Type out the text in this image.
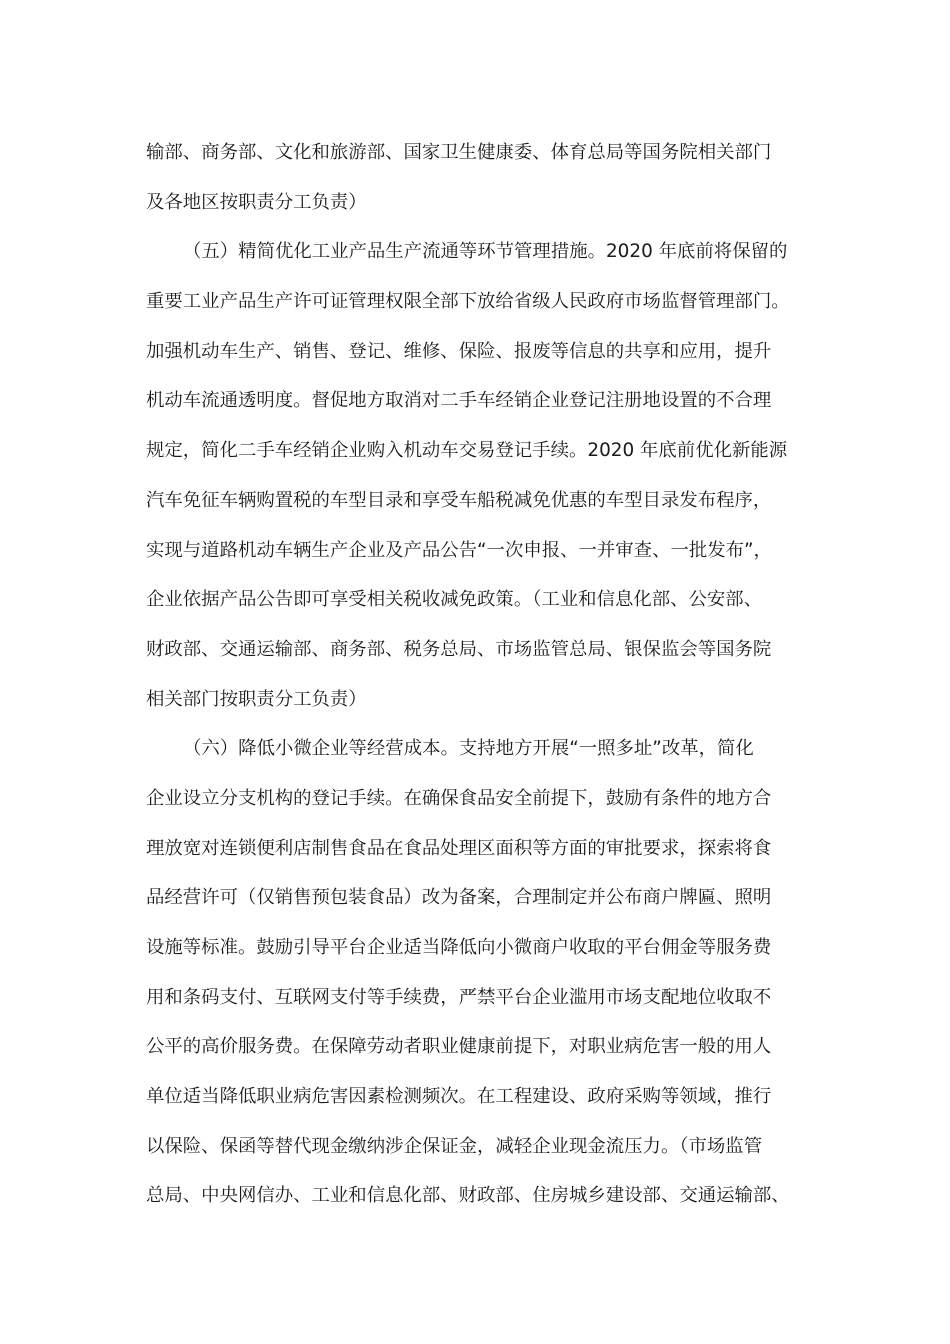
输部、商务部、文化和旅游部、国家卫生健康委、体育总局等国务院相关部门
及各地区按职责分工负责）
（五）精简优化工业产品生产流通等环节管理措施。2020 年底前将保留的
重要工业产品生产许可证管理权限全部下放给省级人民政府市场监督管理部门。
加强机动车生产、销售、登记、维修、保险、报废等信息的共享和应用，提升
机动车流通透明度。督促地方取消对二手车经销企业登记注册地设置的不合理
规定，简化二手车经销企业购入机动车交易登记手续。2020 年底前优化新能源
汽车免征车辆购置税的车型目录和享受车船税减免优惠的车型目录发布程序，
实现与道路机动车辆生产企业及产品公告“一次申报、一并审查、一批发布”，
企业依据产品公告即可享受相关税收减免政策。（工业和信息化部、公安部、
财政部、交通运输部、商务部、税务总局、市场监管总局、银保监会等国务院
相关部门按职责分工负责）
（六）降低小微企业等经营成本。支持地方开展“一照多址”改革，简化
企业设立分支机构的登记手续。在确保食品安全前提下，鼓励有条件的地方合
理放宽对连锁便利店制售食品在食品处理区面积等方面的审批要求，探索将食
品经营许可（仅销售预包装食品）改为备案，合理制定并公布商户牌匾、照明
设施等标准。鼓励引导平台企业适当降低向小微商户收取的平台佣金等服务费
用和条码支付、互联网支付等手续费，严禁平台企业滥用市场支配地位收取不
公平的高价服务费。在保障劳动者职业健康前提下，对职业病危害一般的用人
单位适当降低职业病危害因素检测频次。在工程建设、政府采购等领域，推行
以保险、保函等替代现金缴纳涉企保证金，减轻企业现金流压力。（市场监管
总局、中央网信办、工业和信息化部、财政部、住房城乡建设部、交通运输部、
